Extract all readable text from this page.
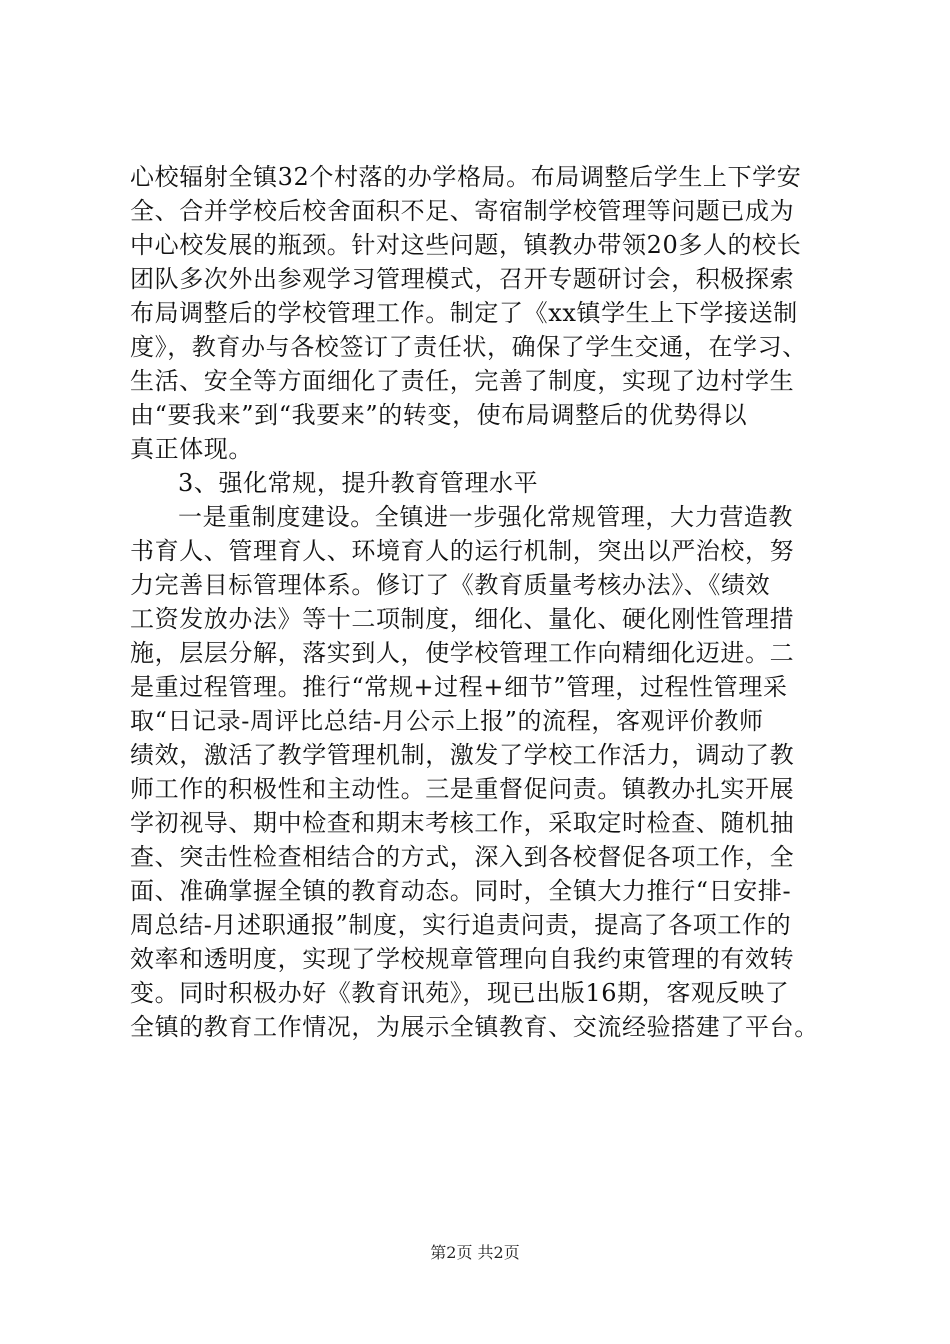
心校辐射全镇32个村落的办学格局。布局调整后学生上下学安
全、合并学校后校舍面积不足、寄宿制学校管理等问题已成为
中心校发展的瓶颈。针对这些问题，镇教办带领20多人的校长
团队多次外出参观学习管理模式，召开专题研讨会，积极探索
布局调整后的学校管理工作。制定了《xx镇学生上下学接送制
度》，教育办与各校签订了责任状，确保了学生交通，在学习、
生活、安全等方面细化了责任，完善了制度，实现了边村学生
由“要我来”到“我要来”的转变，使布局调整后的优势得以
真正体现。
3、强化常规，提升教育管理水平
一是重制度建设。全镇进一步强化常规管理，大力营造教
书育人、管理育人、环境育人的运行机制，突出以严治校，努
力完善目标管理体系。修订了《教育质量考核办法》、《绩效
工资发放办法》等十二项制度，细化、量化、硬化刚性管理措
施，层层分解，落实到人，使学校管理工作向精细化迈进。二
是重过程管理。推行“常规+过程+细节”管理，过程性管理采
取“日记录-周评比总结-月公示上报”的流程，客观评价教师
绩效，激活了教学管理机制，激发了学校工作活力，调动了教
师工作的积极性和主动性。三是重督促问责。镇教办扎实开展
学初视导、期中检查和期末考核工作，采取定时检查、随机抽
查、突击性检查相结合的方式，深入到各校督促各项工作，全
面、准确掌握全镇的教育动态。同时，全镇大力推行“日安排-
周总结-月述职通报”制度，实行追责问责，提高了各项工作的
效率和透明度，实现了学校规章管理向自我约束管理的有效转
变。同时积极办好《教育讯苑》，现已出版16期，客观反映了
全镇的教育工作情况，为展示全镇教育、交流经验搭建了平台。
第2页 共2页
